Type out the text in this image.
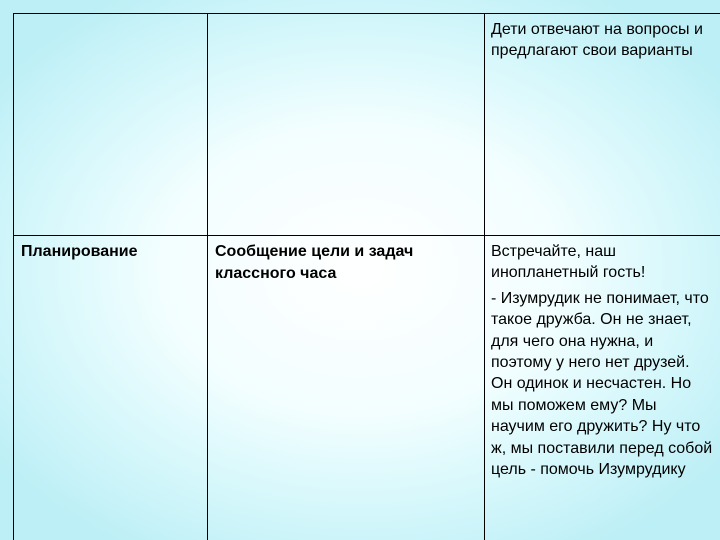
		Дети отвечают на вопросы и предлагают свои варианты

Планирование	Сообщение цели и задач классного часа	Встречайте, наш инопланетный гость!

- Изумрудик не понимает, что такое дружба. Он не знает, для чего она нужна, и поэтому у него нет друзей. Он одинок и несчастен. Но мы поможем ему? Мы научим его дружить? Ну что ж, мы поставили перед собой цель - помочь Изумрудику
